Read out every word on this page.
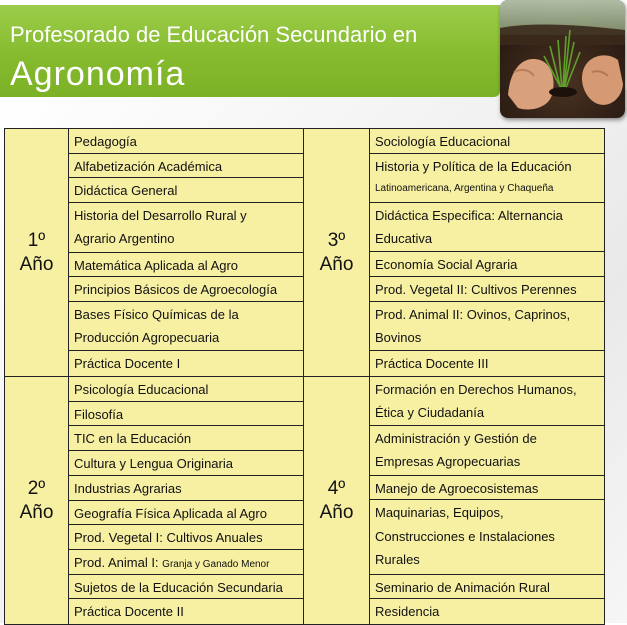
Profesorado de Educación Secundario en
Agronomía
1º
Año
Pedagogía
Alfabetización Académica
Didáctica General
Historia del Desarrollo Rural y
Agrario Argentino
Matemática Aplicada al Agro
Principios Básicos de Agroecología
Bases Físico Químicas de la
Producción Agropecuaria
Práctica Docente I
3º
Año
Sociología Educacional
Historia y Política de la Educación
Latinoamericana, Argentina y Chaqueña
Didáctica Especifica: Alternancia
Educativa
Economía Social Agraria
Prod. Vegetal II: Cultivos Perennes
Prod. Animal II: Ovinos, Caprinos,
Bovinos
Práctica Docente III
2º
Año
Psicología Educacional
Filosofía
TIC en la Educación
Cultura y Lengua Originaria
Industrias Agrarias
Geografía Física Aplicada al Agro
Prod. Vegetal I: Cultivos Anuales
Prod. Animal I: Granja y Ganado Menor
Sujetos de la Educación Secundaria
Práctica Docente II
4º
Año
Formación en Derechos Humanos,
Ética y Ciudadanía
Administración y Gestión de
Empresas Agropecuarias
Manejo de Agroecosistemas
Maquinarias, Equipos,
Construcciones e Instalaciones
Rurales
Seminario de Animación Rural
Residencia
